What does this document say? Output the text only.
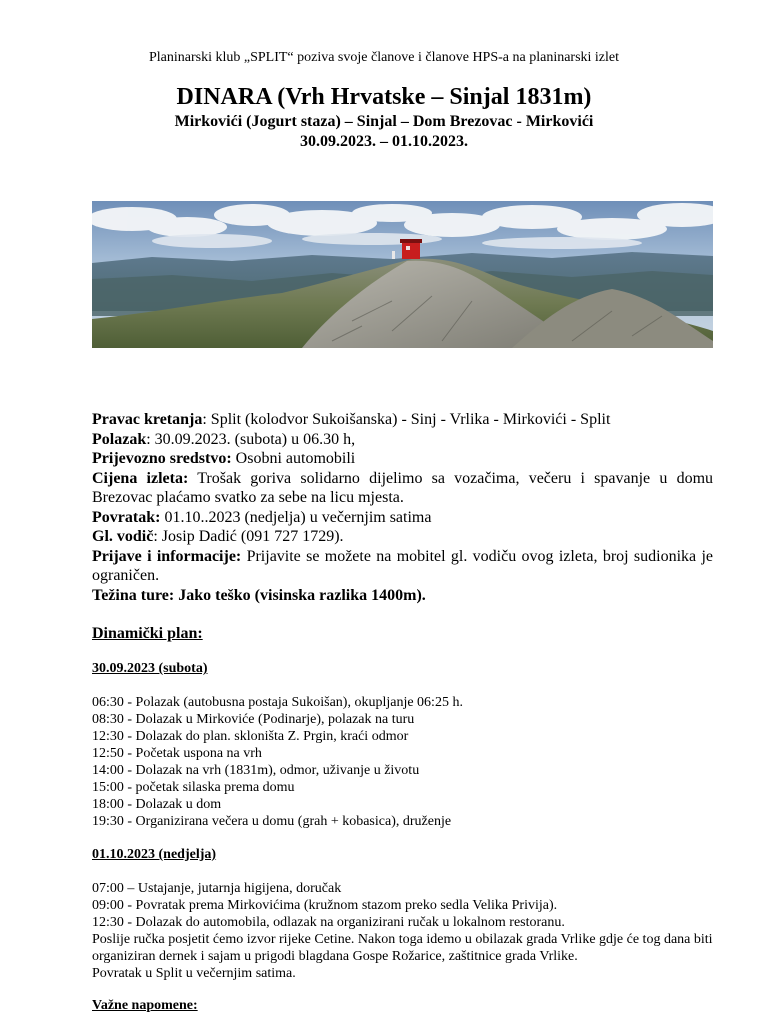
Planinarski klub „SPLIT“ poziva svoje članove i članove HPS-a na planinarski izlet
DINARA (Vrh Hrvatske – Sinjal 1831m)
Mirkovići (Jogurt staza) – Sinjal – Dom Brezovac - Mirkovići
30.09.2023. – 01.10.2023.

Pravac kretanja: Split (kolodvor Sukoišanska) - Sinj - Vrlika - Mirkovići - Split

Polazak: 30.09.2023. (subota) u 06.30 h,

Prijevozno sredstvo: Osobni automobili

Cijena izleta: Trošak goriva solidarno dijelimo sa vozačima, večeru i spavanje u domu Brezovac plaćamo svatko za sebe na licu mjesta.

Povratak: 01.10..2023 (nedjelja) u večernjim satima

Gl. vodič: Josip Dadić (091 727 1729).

Prijave i informacije: Prijavite se možete na mobitel gl. vodiču ovog izleta, broj sudionika je ograničen.

Težina ture: Jako teško (visinska razlika 1400m).

Dinamički plan:
30.09.2023 (subota)
06:30 - Polazak (autobusna postaja Sukoišan), okupljanje 06:25 h.
08:30 - Dolazak u Mirkoviće (Podinarje), polazak na turu
12:30 - Dolazak do plan. skloništa Z. Prgin, kraći odmor
12:50 - Početak uspona na vrh
14:00 - Dolazak na vrh (1831m), odmor, uživanje u životu
15:00 - početak silaska prema domu
18:00 - Dolazak u dom
19:30 - Organizirana večera u domu (grah + kobasica), druženje
01.10.2023 (nedjelja)
07:00 – Ustajanje, jutarnja higijena, doručak
09:00 - Povratak prema Mirkovićima (kružnom stazom preko sedla Velika Privija).
12:30 - Dolazak do automobila, odlazak na organizirani ručak u lokalnom restoranu.
Poslije ručka posjetit ćemo izvor rijeke Cetine. Nakon toga idemo u obilazak grada Vrlike gdje će tog dana biti organiziran dernek i sajam u prigodi blagdana Gospe Rožarice, zaštitnice grada Vrlike.
Povratak u Split u večernjim satima.
Važne napomene:
